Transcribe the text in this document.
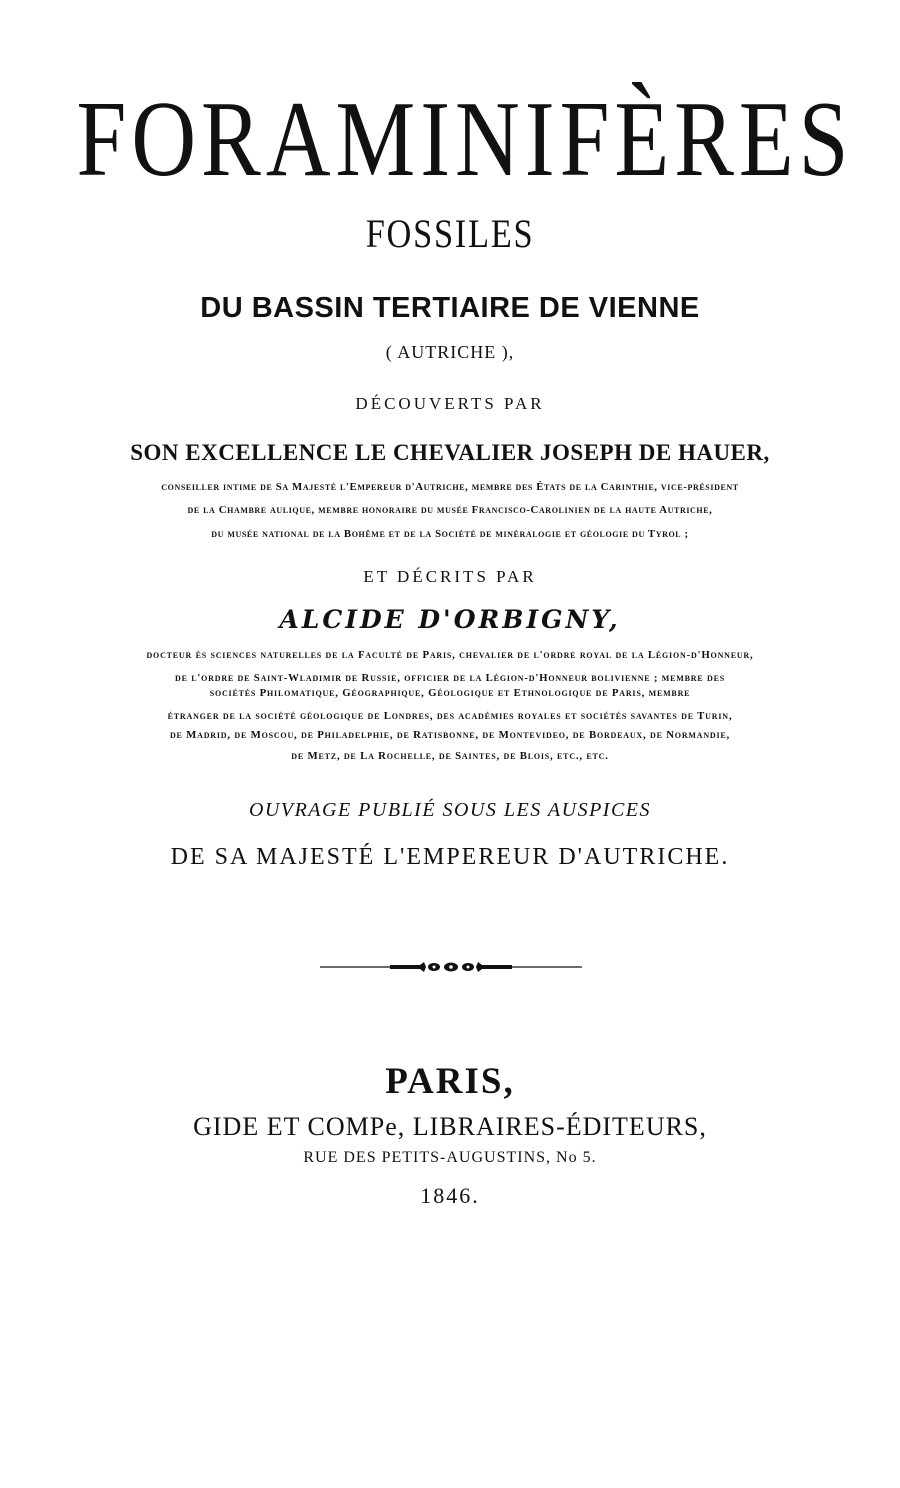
FORAMINIFÈRES
FOSSILES
DU BASSIN TERTIAIRE DE VIENNE
( AUTRICHE ),
DÉCOUVERTS PAR
SON EXCELLENCE LE CHEVALIER JOSEPH DE HAUER,
conseiller intime de Sa Majesté l'Empereur d'Autriche, membre des États de la Carinthie, vice-président
de la Chambre aulique, membre honoraire du musée Francisco-Carolinien de la haute Autriche,
du musée national de la Bohême et de la Société de minéralogie et géologie du Tyrol ;
ET DÉCRITS PAR
ALCIDE D'ORBIGNY,
docteur ès sciences naturelles de la Faculté de Paris, chevalier de l'ordre royal de la Légion-d'Honneur,
de l'ordre de Saint-Wladimir de Russie, officier de la Légion-d'Honneur bolivienne ; membre des
sociétés Philomatique, Géographique, Géologique et Ethnologique de Paris, membre
étranger de la société géologique de Londres, des académies royales et sociétés savantes de Turin,
de Madrid, de Moscou, de Philadelphie, de Ratisbonne, de Montevideo, de Bordeaux, de Normandie,
de Metz, de La Rochelle, de Saintes, de Blois, etc., etc.
OUVRAGE PUBLIÉ SOUS LES AUSPICES
DE SA MAJESTÉ L'EMPEREUR D'AUTRICHE.
PARIS,
GIDE ET COMPe, LIBRAIRES-ÉDITEURS,
RUE DES PETITS-AUGUSTINS, No 5.
1846.
